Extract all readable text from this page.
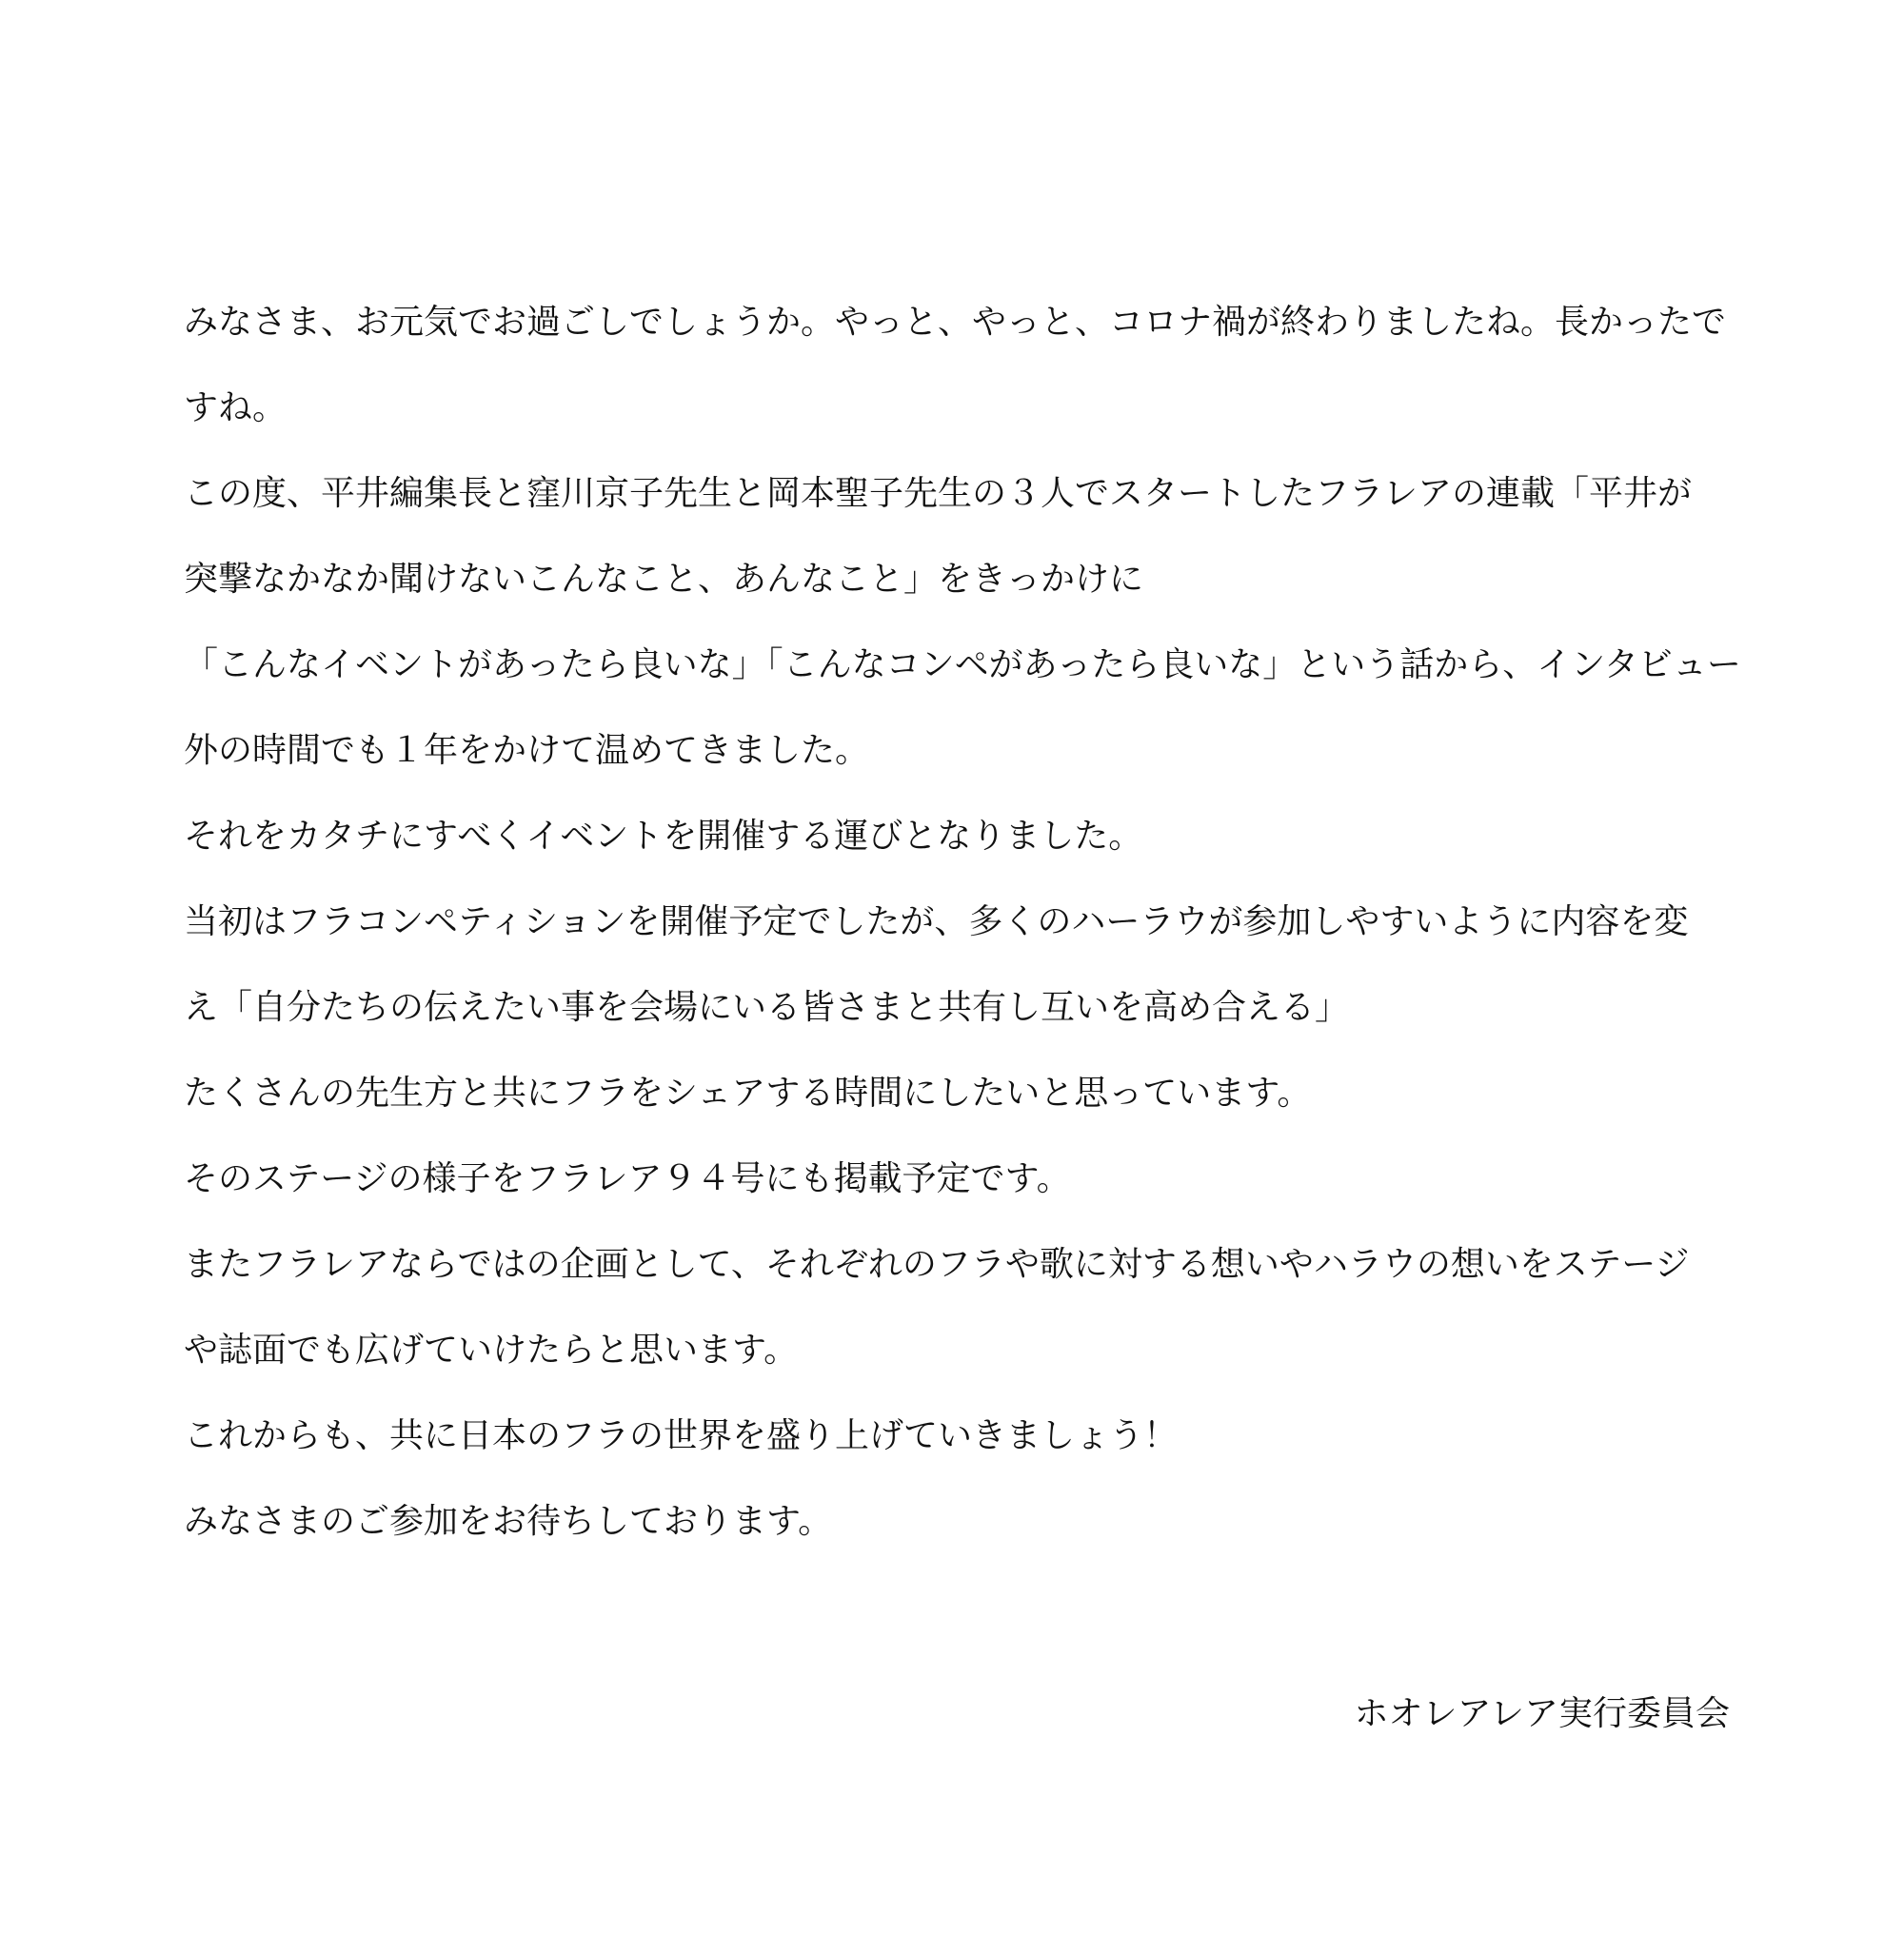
みなさま、お元気でお過ごしでしょうか。やっと、やっと、コロナ禍が終わりましたね。長かったで
すね。
この度、平井編集長と窪川京子先生と岡本聖子先生の３人でスタートしたフラレアの連載「平井が
突撃なかなか聞けないこんなこと、あんなこと」をきっかけに
「こんなイベントがあったら良いな」「こんなコンペがあったら良いな」という話から、インタビュー
外の時間でも１年をかけて温めてきました。
それをカタチにすべくイベントを開催する運びとなりました。
当初はフラコンペティションを開催予定でしたが、多くのハーラウが参加しやすいように内容を変
え「自分たちの伝えたい事を会場にいる皆さまと共有し互いを高め合える」
たくさんの先生方と共にフラをシェアする時間にしたいと思っています。
そのステージの様子をフラレア９４号にも掲載予定です。
またフラレアならではの企画として、それぞれのフラや歌に対する想いやハラウの想いをステージ
や誌面でも広げていけたらと思います。
これからも、共に日本のフラの世界を盛り上げていきましょう！
みなさまのご参加をお待ちしております。
ホオレアレア実行委員会
